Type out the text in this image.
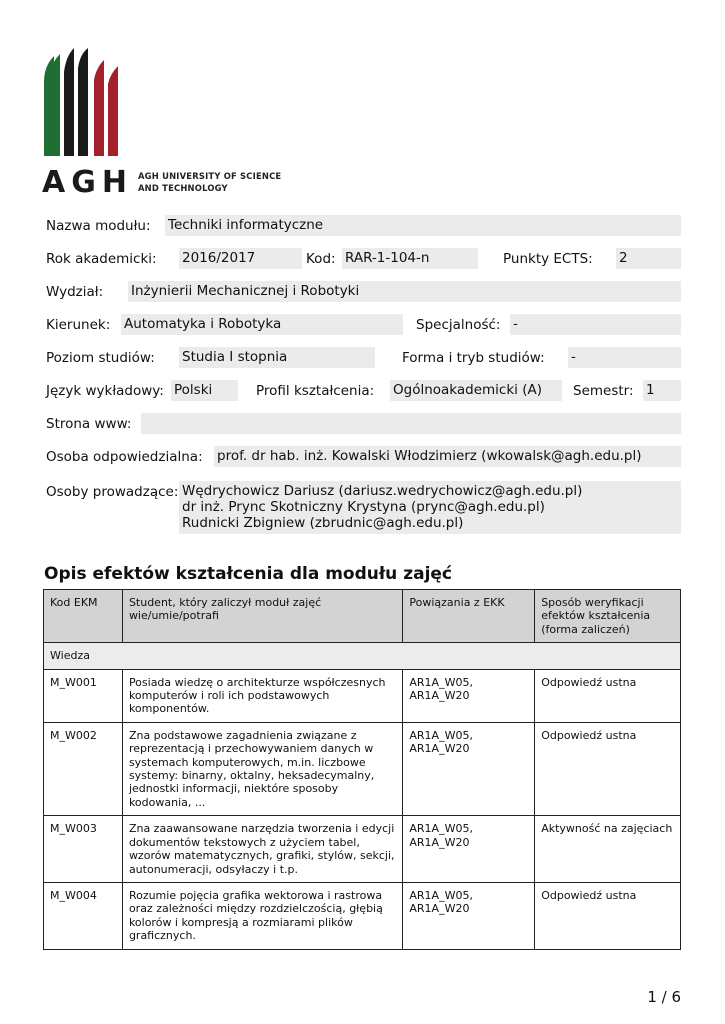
AGH AGH UNIVERSITY OF SCIENCE
AND TECHNOLOGY
Nazwa modułu: Techniki informatyczne
Rok akademicki: 2016/2017	Kod: RAR-1-104-n	Punkty ECTS: 2
Wydział: Inżynierii Mechanicznej i Robotyki
Kierunek: Automatyka i Robotyka	Specjalność: -
Poziom studiów: Studia I stopnia	Forma i tryb studiów: -
Język wykładowy: Polski	Profil kształcenia: Ogólnoakademicki (A)	Semestr: 1
Strona www:
Osoba odpowiedzialna: prof. dr hab. inż. Kowalski Włodzimierz (wkowalsk@agh.edu.pl)
Osoby prowadzące: Wędrychowicz Dariusz (dariusz.wedrychowicz@agh.edu.pl)
dr inż. Prync Skotniczny Krystyna (prync@agh.edu.pl)
Rudnicki Zbigniew (zbrudnic@agh.edu.pl)
Opis efektów kształcenia dla modułu zajęć
Kod EKM	Student, który zaliczył moduł zajęć wie/umie/potrafi	Powiązania z EKK	Sposób weryfikacji efektów kształcenia (forma zaliczeń)
Wiedza			
M_W001	Posiada wiedzę o architekturze współczesnych komputerów i roli ich podstawowych komponentów.	AR1A_W05, AR1A_W20	Odpowiedź ustna
M_W002	Zna podstawowe zagadnienia związane z reprezentacją i przechowywaniem danych w systemach komputerowych, m.in. liczbowe systemy: binarny, oktalny, heksadecymalny, jednostki informacji, niektóre sposoby kodowania, ...	AR1A_W05, AR1A_W20	Odpowiedź ustna
M_W003	Zna zaawansowane narzędzia tworzenia i edycji dokumentów tekstowych z użyciem tabel, wzorów matematycznych, grafiki, stylów, sekcji, autonumeracji, odsyłaczy i t.p.	AR1A_W05, AR1A_W20	Aktywność na zajęciach
M_W004	Rozumie pojęcia grafika wektorowa i rastrowa oraz zależności między rozdzielczością, głębią kolorów i kompresją a rozmiarami plików graficznych.	AR1A_W05, AR1A_W20	Odpowiedź ustna
1 / 6
